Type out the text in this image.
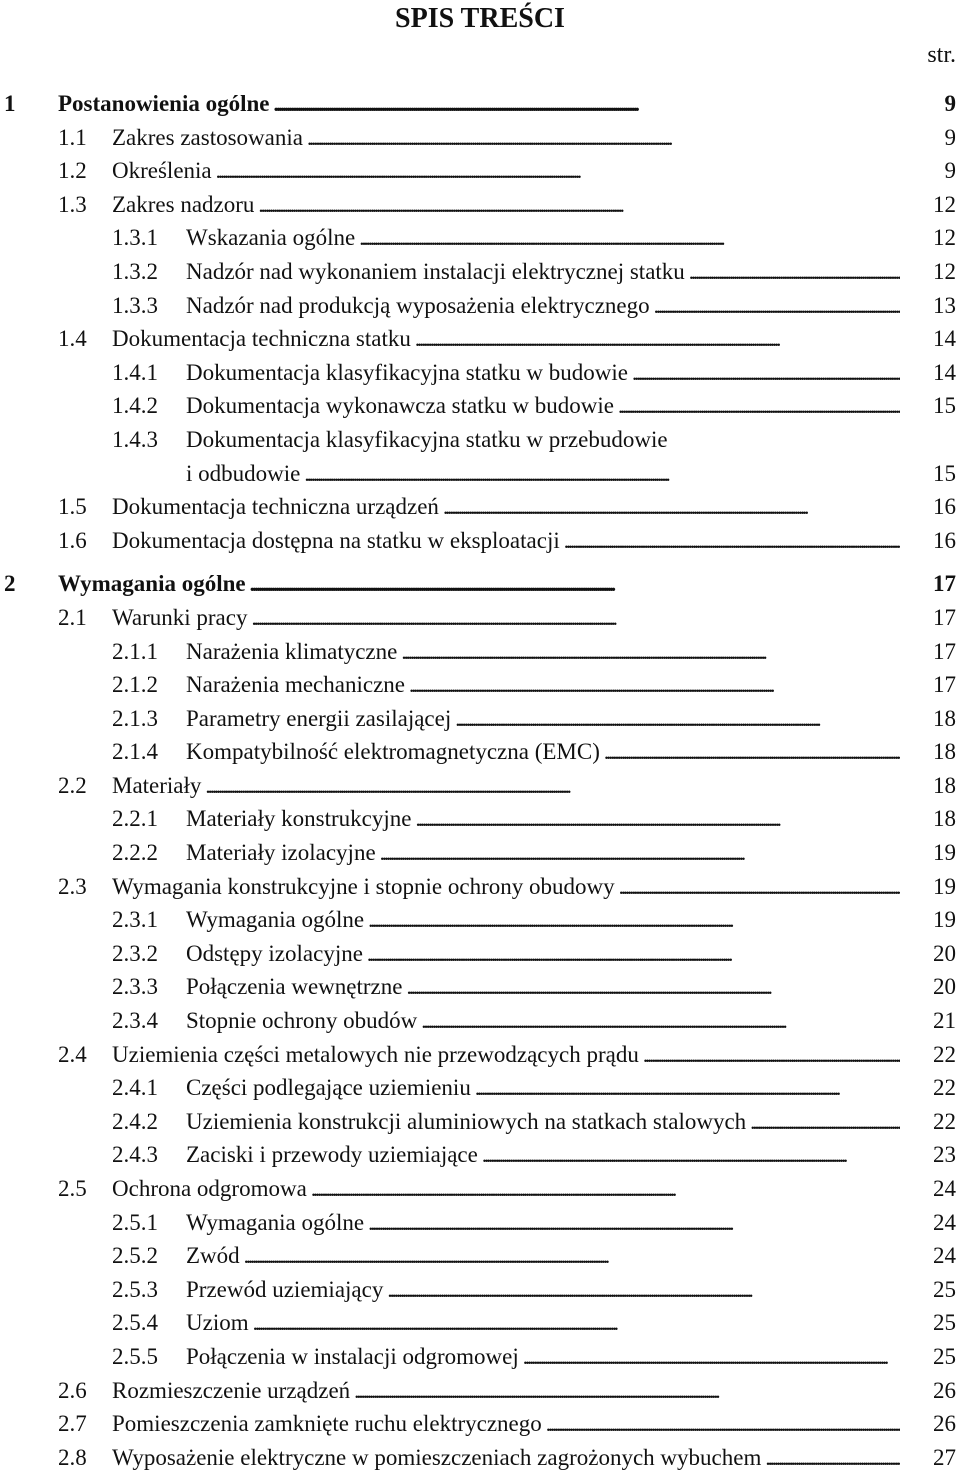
SPIS TREŚCI
str.
1 Postanowienia ogólne . . .	9
1.1 Zakres zastosowania . . .	9
1.2 Określenia . . .	9
1.3 Zakres nadzoru . . .	12
1.3.1 Wskazania ogólne . . .	12
1.3.2 Nadzór nad wykonaniem instalacji elektrycznej statku . . .	12
1.3.3 Nadzór nad produkcją wyposażenia elektrycznego . . .	13
1.4 Dokumentacja techniczna statku . . .	14
1.4.1 Dokumentacja klasyfikacyjna statku w budowie . . .	14
1.4.2 Dokumentacja wykonawcza statku w budowie . . .	15
1.4.3 Dokumentacja klasyfikacyjna statku w przebudowie
i odbudowie . . .	15
1.5 Dokumentacja techniczna urządzeń . . .	16
1.6 Dokumentacja dostępna na statku w eksploatacji . . .	16
2 Wymagania ogólne . . .	17
2.1 Warunki pracy . . .	17
2.1.1 Narażenia klimatyczne . . .	17
2.1.2 Narażenia mechaniczne . . .	17
2.1.3 Parametry energii zasilającej . . .	18
2.1.4 Kompatybilność elektromagnetyczna (EMC) . . .	18
2.2 Materiały . . .	18
2.2.1 Materiały konstrukcyjne . . .	18
2.2.2 Materiały izolacyjne . . .	19
2.3 Wymagania konstrukcyjne i stopnie ochrony obudowy . . .	19
2.3.1 Wymagania ogólne . . .	19
2.3.2 Odstępy izolacyjne . . .	20
2.3.3 Połączenia wewnętrzne . . .	20
2.3.4 Stopnie ochrony obudów . . .	21
2.4 Uziemienia części metalowych nie przewodzących prądu . . .	22
2.4.1 Części podlegające uziemieniu . . .	22
2.4.2 Uziemienia konstrukcji aluminiowych na statkach stalowych . . .	22
2.4.3 Zaciski i przewody uziemiające . . .	23
2.5 Ochrona odgromowa . . .	24
2.5.1 Wymagania ogólne . . .	24
2.5.2 Zwód . . .	24
2.5.3 Przewód uziemiający . . .	25
2.5.4 Uziom . . .	25
2.5.5 Połączenia w instalacji odgromowej . . .	25
2.6 Rozmieszczenie urządzeń . . .	26
2.7 Pomieszczenia zamknięte ruchu elektrycznego . . .	26
2.8 Wyposażenie elektryczne w pomieszczeniach zagrożonych wybuchem . . .	27
